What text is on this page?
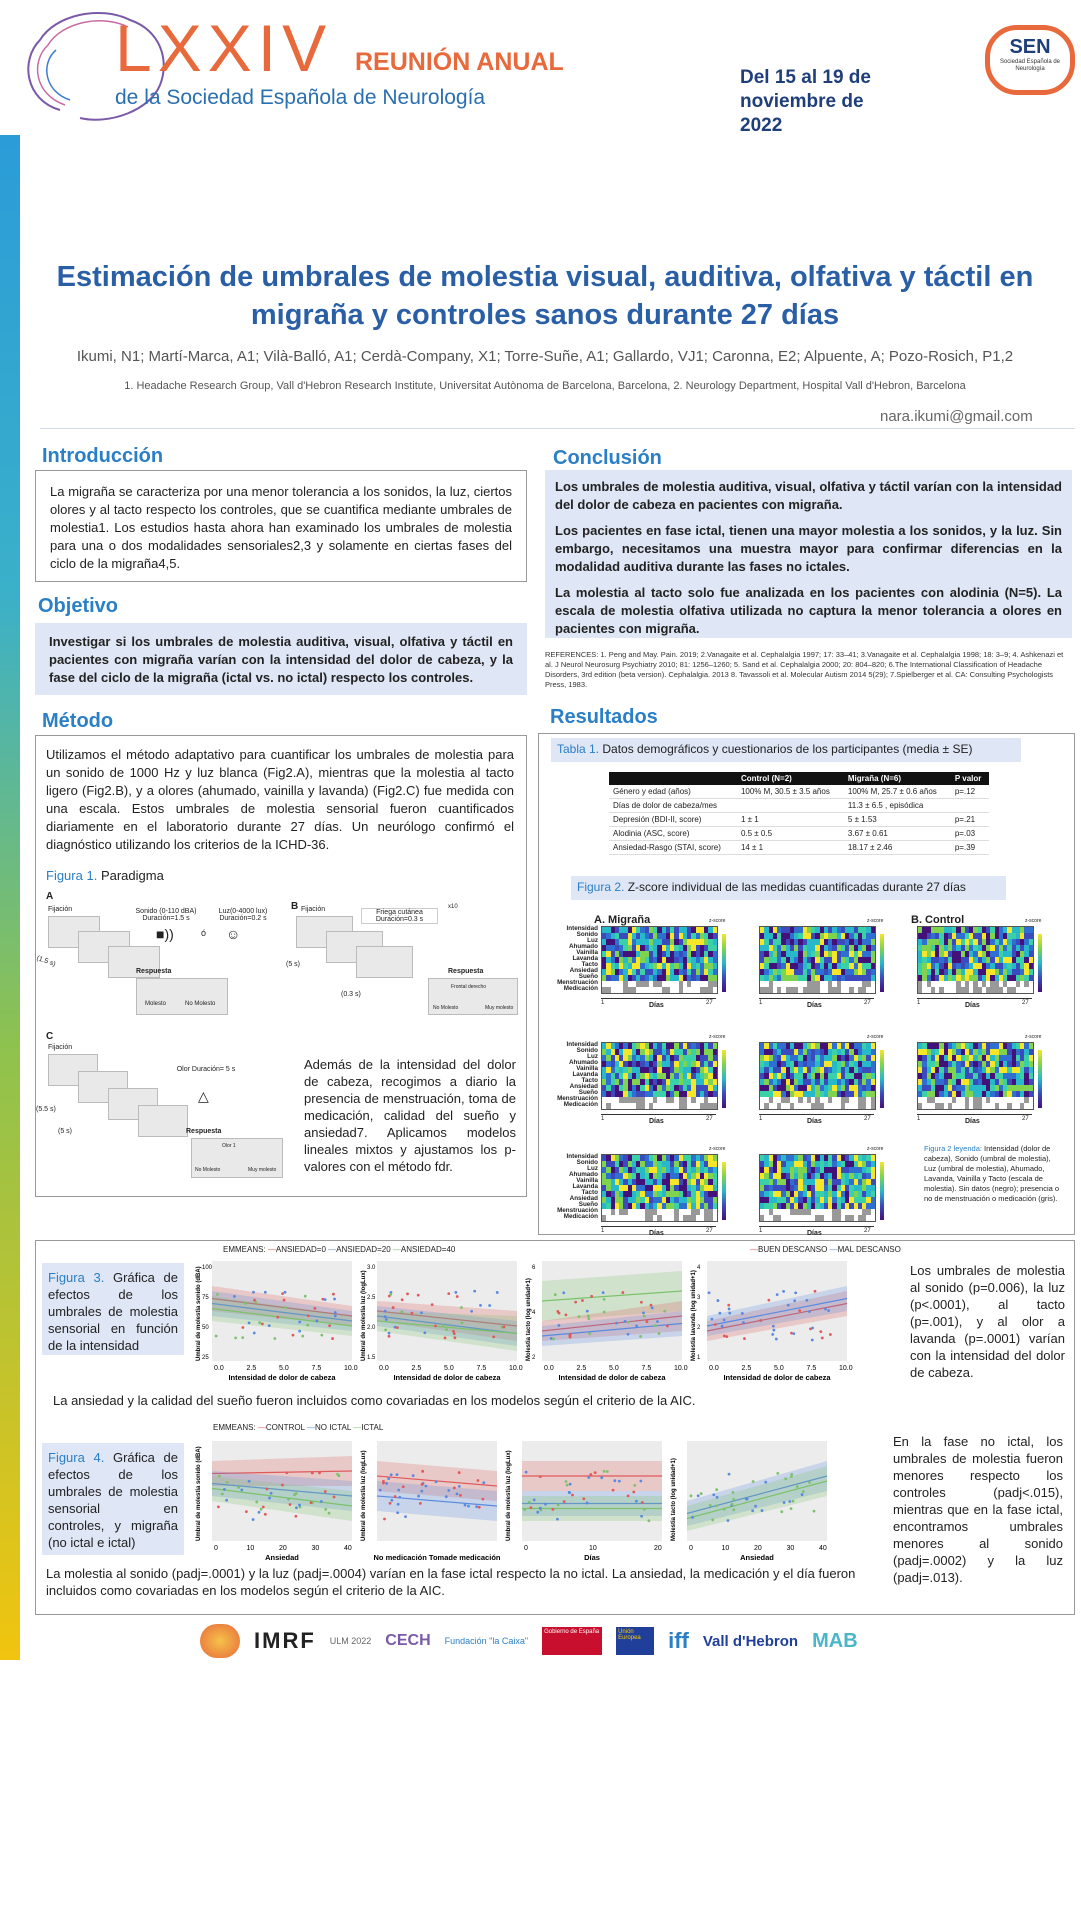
LXXIV REUNIÓN ANUAL
de la Sociedad Española de Neurología
Del 15 al 19 de noviembre de 2022
SEN
Sociedad Española de Neurología
Estimación de umbrales de molestia visual, auditiva, olfativa y táctil en migraña y controles sanos durante 27 días
Ikumi, N1; Martí-Marca, A1; Vilà-Balló, A1; Cerdà-Company, X1; Torre-Suñe, A1; Gallardo, VJ1; Caronna, E2; Alpuente, A; Pozo-Rosich, P1,2
1. Headache Research Group, Vall d'Hebron Research Institute, Universitat Autònoma de Barcelona, Barcelona, 2. Neurology Department, Hospital Vall d'Hebron, Barcelona
nara.ikumi@gmail.com
Introducción

La migraña se caracteriza por una menor tolerancia a los sonidos, la luz, ciertos olores y al tacto respecto los controles, que se cuantifica mediante umbrales de molestia1. Los estudios hasta ahora han examinado los umbrales de molestia para una o dos modalidades sensoriales2,3 y solamente en ciertas fases del ciclo de la migraña4,5.

Objetivo

Investigar si los umbrales de molestia auditiva, visual, olfativa y táctil en pacientes con migraña varían con la intensidad del dolor de cabeza, y la fase del ciclo de la migraña (ictal vs. no ictal) respecto los controles.

Conclusión

Los umbrales de molestia auditiva, visual, olfativa y táctil varían con la intensidad del dolor de cabeza en pacientes con migraña.

Los pacientes en fase ictal, tienen una mayor molestia a los sonidos, y la luz. Sin embargo, necesitamos una muestra mayor para confirmar diferencias en la modalidad auditiva durante las fases no ictales.

La molestia al tacto solo fue analizada en los pacientes con alodinia (N=5). La escala de molestia olfativa utilizada no captura la menor tolerancia a olores en pacientes con migraña.

REFERENCES: 1. Peng and May. Pain. 2019; 2.Vanagaite et al. Cephalalgia 1997; 17: 33–41; 3.Vanagaite et al. Cephalalgia 1998; 18: 3–9; 4. Ashkenazi et al. J Neurol Neurosurg Psychiatry 2010; 81: 1256–1260; 5. Sand et al. Cephalalgia 2000; 20: 804–820; 6.The International Classification of Headache Disorders, 3rd edition (beta version). Cephalalgia. 2013 8. Tavassoli et al. Molecular Autism 2014 5(29); 7.Spielberger et al. CA: Consulting Psychologists Press, 1983.
Método

Utilizamos el método adaptativo para cuantificar los umbrales de molestia para un sonido de 1000 Hz y luz blanca (Fig2.A), mientras que la molestia al tacto ligero (Fig2.B), y a olores (ahumado, vainilla y lavanda) (Fig2.C) fue medida con una escala. Estos umbrales de molestia sensorial fueron cuantificados diariamente en el laboratorio durante 27 días. Un neurólogo confirmó el diagnóstico utilizando los criterios de la ICHD-36.

Figura 1. Paradigma
A
Fijación	Sonido (0-110 dBA) Duración=1.5 s
ó
Luz(0-4000 lux) Duración=0.2 s
■))	☺
Respuesta
Molesto	No Molesto
(1.5 s)
B Fijación	Friega cutánea Duración=0.3 s
x10
Respuesta
Frontal derecho
No Molesto	Muy molesto
(5 s)
(0.3 s)
C
Fijación
Olor Duración= 5 s
△
Respuesta
Olor 1
No Molesto	Muy molesto
(5.5 s)
(5 s)

Además de la intensidad del dolor de cabeza, recogimos a diario la presencia de menstruación, toma de medicación, calidad del sueño y ansiedad7. Aplicamos modelos lineales mixtos y ajustamos los p-valores con el método fdr.

Resultados
Tabla 1. Datos demográficos y cuestionarios de los participantes (media ± SE)
	Control (N=2)	Migraña (N=6)	P valor
Género y edad (años)	100% M, 30.5 ± 3.5 años	100% M, 25.7 ± 0.6 años	p=.12
Días de dolor de cabeza/mes		11.3 ± 6.5 , episódica	
Depresión (BDI-II, score)	1 ± 1	5 ± 1.53	p=.21
Alodinia (ASC, score)	0.5 ± 0.5	3.67 ± 0.61	p=.03
Ansiedad-Rasgo (STAI, score)	14 ± 1	18.17 ± 2.46	p=.39
Figura 2. Z-score individual de las medidas cuantificadas durante 27 días
A. Migraña	B. Control
z-score
1	27
Días
z-score
1	27
Días
z-score
1	27
Días
Intensidad
Sonido
Luz
Ahumado
Vainilla
Lavanda
Tacto
Ansiedad
Sueño
Menstruación
Medicación
z-score
1	27
Días
z-score
1	27
Días
z-score
1	27
Días
Intensidad
Sonido
Luz
Ahumado
Vainilla
Lavanda
Tacto
Ansiedad
Sueño
Menstruación
Medicación
z-score
1	27
Días
z-score
1	27
Días
Intensidad
Sonido
Luz
Ahumado
Vainilla
Lavanda
Tacto
Ansiedad
Sueño
Menstruación
Medicación
Figura 2 leyenda: Intensidad (dolor de cabeza), Sonido (umbral de molestia), Luz (umbral de molestia), Ahumado, Lavanda, Vainilla y Tacto (escala de molestia). Sin datos (negro); presencia o no de menstruación o medicación (gris).

Figura 3. Gráfica de efectos de los umbrales de molestia sensorial en función de la intensidad

EMMEANS: —ANSIEDAD=0 —ANSIEDAD=20 —ANSIEDAD=40	—BUEN DESCANSO —MAL DESCANSO
Umbral de molestia sonido (dBA)
0.0	2.5	5.0	7.5	10.0
100
75
50
25
Intensidad de dolor de cabeza
Umbral de molestia luz (logLux)
0.0	2.5	5.0	7.5	10.0
3.0
2.5
2.0
1.5
Intensidad de dolor de cabeza
Molestia tacto (log unidad+1)
0.0	2.5	5.0	7.5	10.0
6
4
2
Intensidad de dolor de cabeza
Molestia lavanda (log unidad+1)
0.0	2.5	5.0	7.5	10.0
4
3
2
1
Intensidad de dolor de cabeza
Los umbrales de molestia al sonido (p=0.006), la luz (p<.0001), al tacto (p=.001), y al olor a lavanda (p=.0001) varían con la intensidad del dolor de cabeza.
La ansiedad y la calidad del sueño fueron incluidos como covariadas en los modelos según el criterio de la AIC.

Figura 4. Gráfica de efectos de los umbrales de molestia sensorial en controles, y migraña (no ictal e ictal)

EMMEANS: —CONTROL —NO ICTAL —ICTAL
Umbral de molestia sonido (dBA)
0	10	20	30	40
Ansiedad
Umbral de molestia luz (logLux)
No medicación Tomade medicación
Umbral de molestia luz (logLux)
0	10	20
Días
Molestia tacto (log unidad+1)
0	10	20	30	40
Ansiedad
En la fase no ictal, los umbrales de molestia fueron menores respecto los controles (padj<.015), mientras que en la fase ictal, encontramos umbrales menores al sonido (padj=.0002) y la luz (padj=.013).
La molestia al sonido (padj=.0001) y la luz (padj=.0004) varían en la fase ictal respecto la no ictal. La ansiedad, la medicación y el día fueron incluidos como covariadas en los modelos según el criterio de la AIC.
IMRF ULM 2022 CECH Fundación "la Caixa"
Gobierno de España	Unión Europea	iff Vall d'Hebron MAB
